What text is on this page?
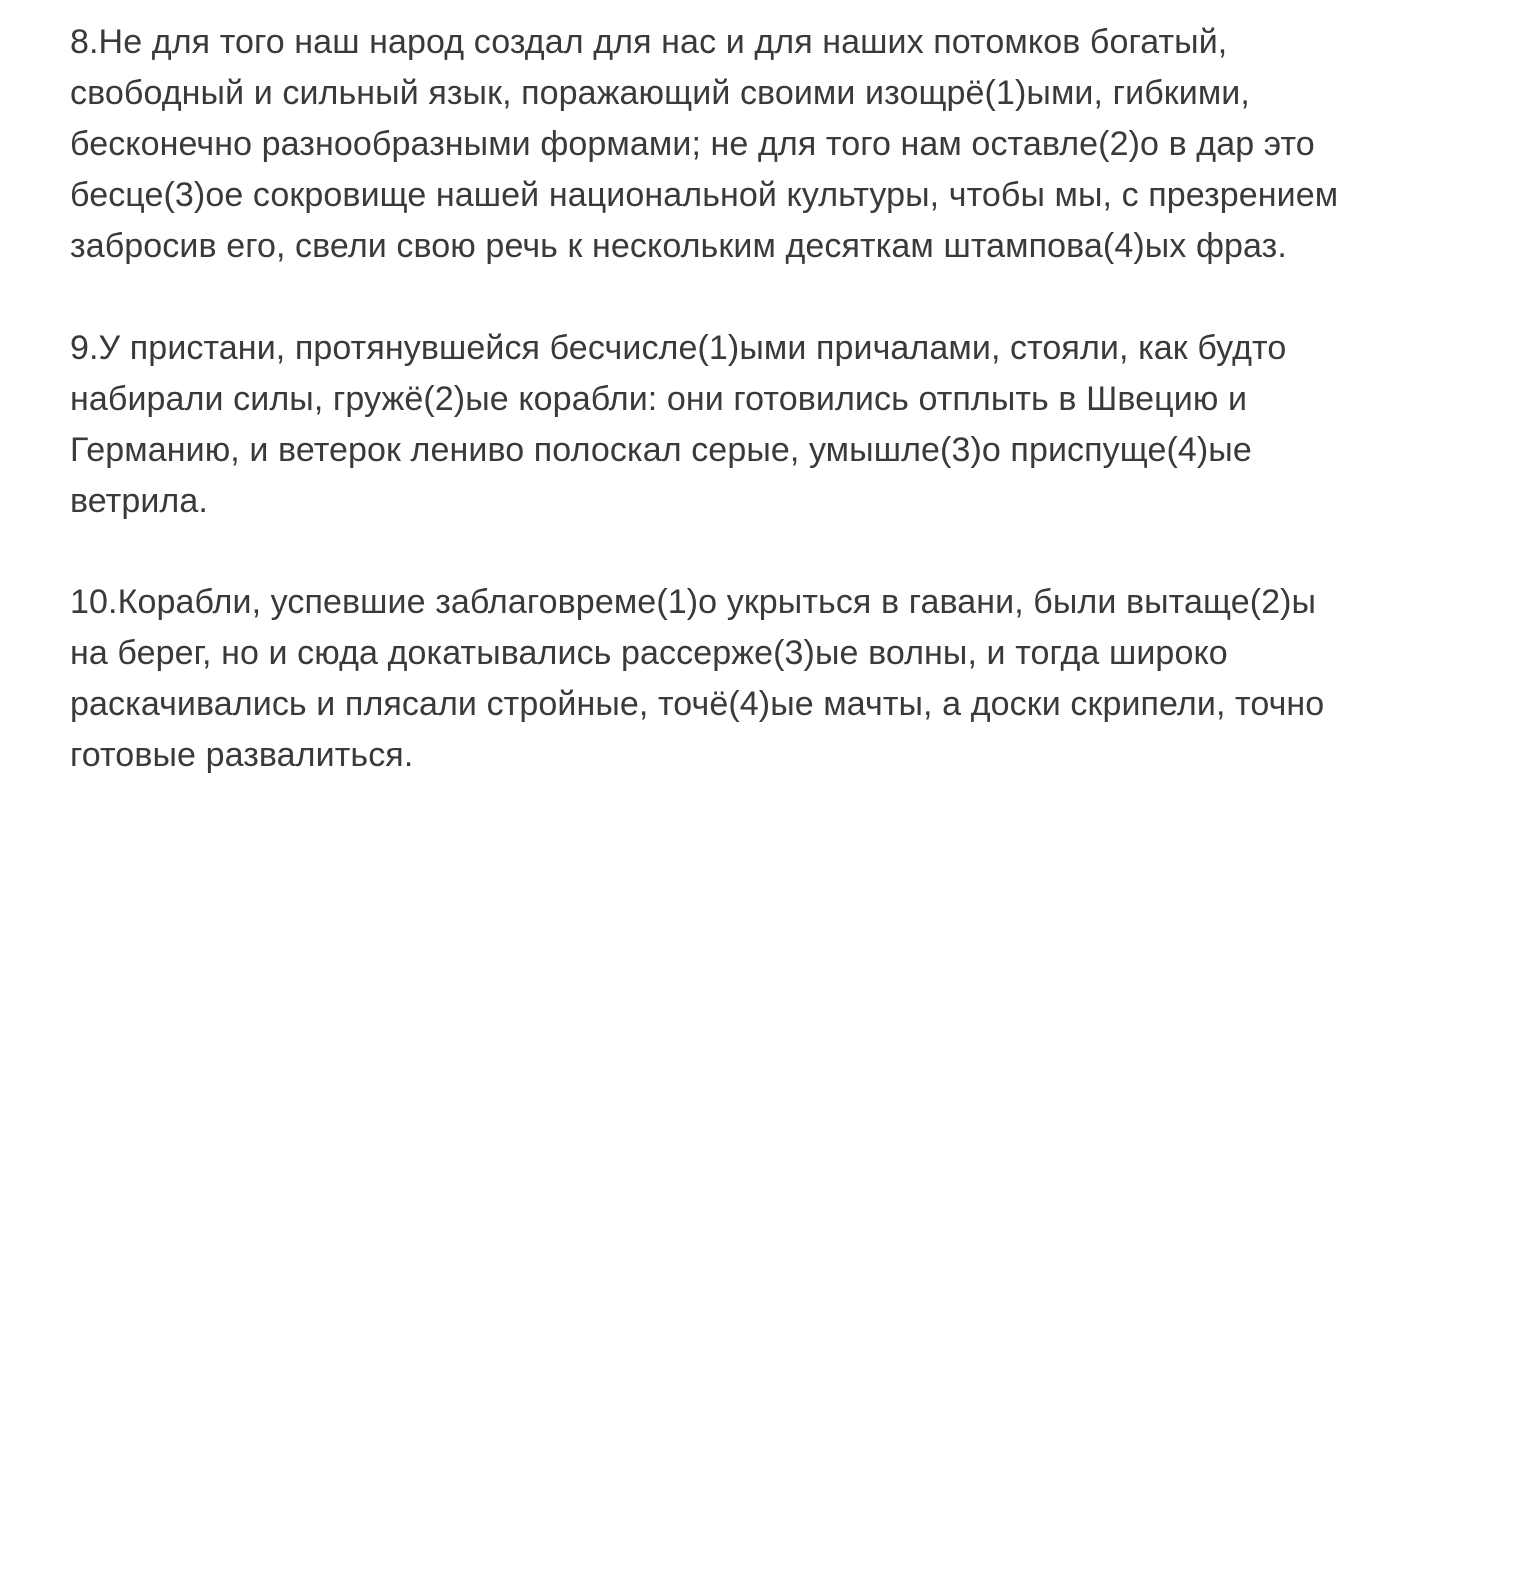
8.Не для того наш народ создал для нас и для наших потомков богатый,
свободный и сильный язык, поражающий своими изощрё(1)ыми, гибкими,
бесконечно разнообразными формами; не для того нам оставле(2)о в дар это
бесце(3)ое сокровище нашей национальной культуры, чтобы мы, с презрением
забросив его, свели свою речь к нескольким десяткам штампова(4)ых фраз.
9.У пристани, протянувшейся бесчисле(1)ыми причалами, стояли, как будто
набирали силы, гружё(2)ые корабли: они готовились отплыть в Швецию и
Германию, и ветерок лениво полоскал серые, умышле(3)о приспуще(4)ые
ветрила.
10.Корабли, успевшие заблаговреме(1)о укрыться в гавани, были вытаще(2)ы
на берег, но и сюда докатывались рассерже(3)ые волны, и тогда широко
раскачивались и плясали стройные, точё(4)ые мачты, а доски скрипели, точно
готовые развалиться.
